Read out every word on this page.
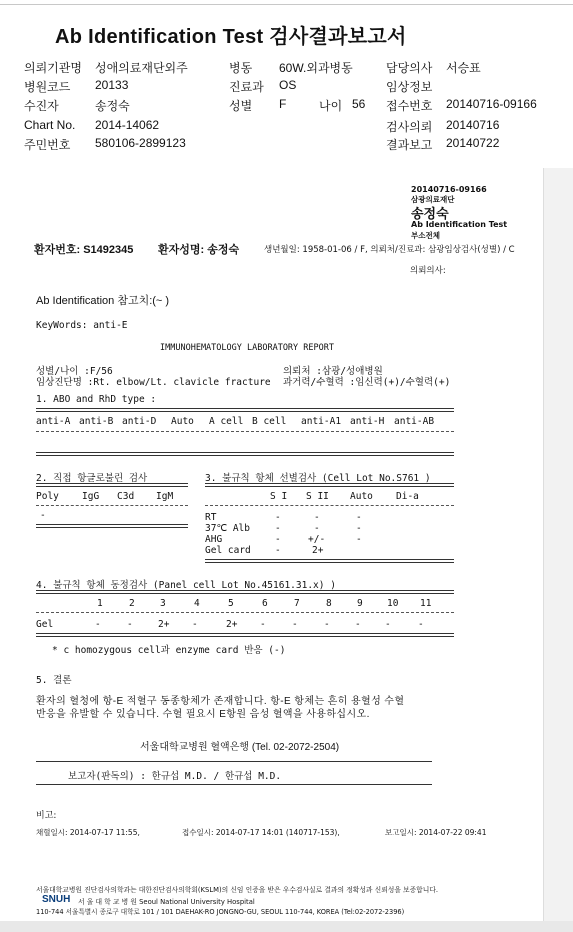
Ab Identification Test 검사결과보고서
의뢰기관명 성애의료재단외주	병동 60W.외과병동	담당의사 서승표
병원코드 20133	진료과 OS	임상정보
수진자	송정숙	성별 F	나이 56 접수번호 20140716-09166
Chart No. 2014-14062	검사의뢰 20140716
주민번호 580106-2899123	결과보고 20140722
20140716-09166
삼광의료재단
송정숙
Ab Identification Test
부소전체
환자번호: S1492345 환자성명: 송정숙	생년월일: 1958-01-06 / F, 의뢰처/진료과: 삼광임상검사(성별) / C
의뢰의사:
Ab Identification 참고치:(~ )
KeyWords: anti-E
IMMUNOHEMATOLOGY LABORATORY REPORT
성별/나이 :F/56
임상진단명 :Rt. elbow/Lt. clavicle fracture
의뢰처 :삼광/성애병원
과거력/수혈력 :임신력(+)/수혈력(+)
1. ABO and RhD type :
anti-A anti-B anti-D Auto A cell B cell anti-A1 anti-H anti-AB
2. 직접 항글로불린 검사
Poly IgG C3d IgM
-
3. 불규칙 항체 선별검사 (Cell Lot No.S761 )
S I S II Auto Di-a
RT	-	-	-
37℃ Alb	-	-	-
AHG	-	+/-	-
Gel card	-	2+
4. 불규칙 항체 동정검사 (Panel cell Lot No.45161.31.x) )
1	2	3	4	5	6	7	8	9	10 11
Gel	-	-	2+ -	2+ -	-	-	-	-	-
* c homozygous cell과 enzyme card 반응 (-)
5. 결론
환자의 혈청에 항-E 적혈구 동종항체가 존재합니다. 항-E 항체는 흔히 용혈성 수혈
반응을 유발할 수 있습니다. 수혈 필요시 E항원 음성 혈액을 사용하십시오.
서울대학교병원 혈액은행 (Tel. 02-2072-2504)
보고자(판독의) : 한규섭 M.D. / 한규섭 M.D.
비고:
채혈일시: 2014-07-17 11:55,	접수일시: 2014-07-17 14:01 (140717-153),	보고일시: 2014-07-22 09:41
서울대학교병원 진단검사의학과는 대한진단검사의학회(KSLM)의 신임 인증을 받은 우수검사실로 결과의 정확성과 신뢰성을 보증합니다.
SNUH 서 울 대 학 교 병 원 Seoul National University Hospital
110-744 서울특별시 종로구 대학로 101 / 101 DAEHAK-RO JONGNO-GU, SEOUL 110-744, KOREA (Tel:02-2072-2396)
